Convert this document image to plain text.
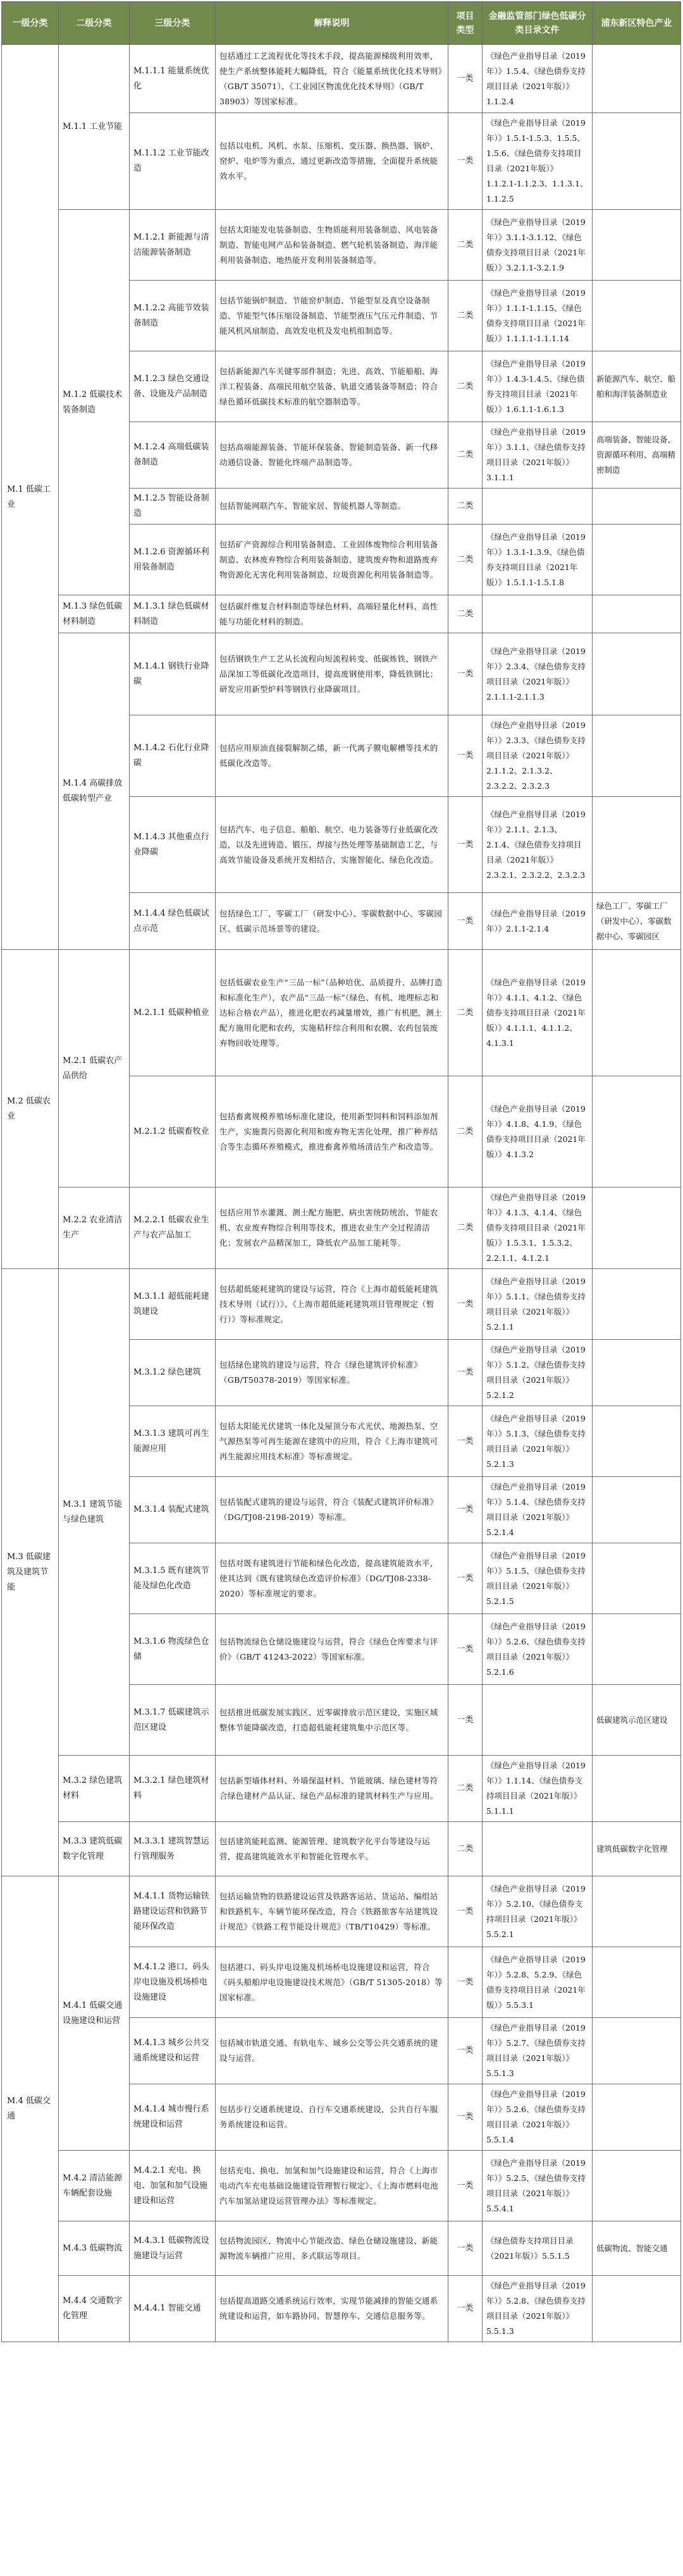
一级分类	二级分类	三级分类	解释说明	项目类型	金融监管部门绿色低碳分类目录文件	浦东新区特色产业
M.1 低碳工业	M.1.1 工业节能	M.1.1.1 能量系统优化	包括通过工艺流程优化等技术手段，提高能源梯级利用效率，使生产系统整体能耗大幅降低，符合《能量系统优化技术导则》（GB/T 35071）、《工业园区物流优化技术导则》（GB/T 38903）等国家标准。	一类	《绿色产业指导目录（2019年）》1.5.4、《绿色债券支持项目目录（2021年版）》1.1.2.4	
		M.1.1.2 工业节能改造	包括以电机、风机、水泵、压缩机、变压器、换热器、锅炉、窑炉、电炉等为重点，通过更新改造等措施，全面提升系统能效水平。	一类	《绿色产业指导目录（2019年）》1.5.1-1.5.3、1.5.5、1.5.6、《绿色债券支持项目目录（2021年版）》1.1.2.1-1.1.2.3、1.1.3.1、1.1.2.5	
	M.1.2 低碳技术装备制造	M.1.2.1 新能源与清洁能源装备制造	包括太阳能发电装备制造、生物质能利用装备制造、风电装备制造、智能电网产品和装备制造、燃气轮机装备制造、海洋能利用装备制造、地热能开发利用装备制造等。	二类	《绿色产业指导目录（2019年）》3.1.1-3.1.12、《绿色债券支持项目目录（2021年版）》3.2.1.1-3.2.1.9	
		M.1.2.2 高能节效装备制造	包括节能锅炉制造、节能窑炉制造、节能型泵及真空设备制造、节能型气体压缩设备制造、节能型液压气压元件制造、节能风机风扇制造、高效发电机及发电机组制造等。	二类	《绿色产业指导目录（2019年）》1.1.1-1.1.15、《绿色债券支持项目目录（2021年版）》1.1.1.1-1.1.1.14	
		M.1.2.3 绿色交通设备、设施及产品制造	包括新能源汽车关键零部件制造；先进、高效、节能船舶、海洋工程装备、高端民用航空装备、轨道交通装备等制造；符合绿色循环低碳技术标准的航空器制造等。	二类	《绿色产业指导目录（2019年）》1.4.3-1.4.5、《绿色债券支持项目目录（2021年版）》1.6.1.1-1.6.1.3	新能源汽车、航空、船舶和海洋装备制造业
		M.1.2.4 高端低碳装备制造	包括高端能源装备、节能环保装备、智能制造装备、新一代移动通信设备、智能化终端产品制造等。	二类	《绿色产业指导目录（2019年）》3.1.1、《绿色债券支持项目目录（2021年版）》3.1.1.1	高端装备、智能设备、资源循环利用、高端精密制造
		M.1.2.5 智能设备制造	包括智能网联汽车、智能家居、智能机器人等制造。	二类		
		M.1.2.6 资源循环利用装备制造	包括矿产资源综合利用装备制造、工业固体废物综合利用装备制造、农林废弃物综合利用装备制造、建筑废弃物和道路废弃物资源化无害化利用装备制造、垃圾资源化利用装备制造等。	二类	《绿色产业指导目录（2019年）》1.3.1-1.3.9、《绿色债券支持项目目录（2021年版）》1.5.1.1-1.5.1.8	
	M.1.3 绿色低碳材料制造	M.1.3.1 绿色低碳材料制造	包括碳纤维复合材料制造等绿色材料、高端轻量化材料、高性能与功能化材料的制造。	二类		
	M.1.4 高碳排放低碳转型产业	M.1.4.1 钢铁行业降碳	包括钢铁生产工艺从长流程向短流程转变、低碳炼铁、钢铁产品深加工等低碳化改造项目，提高废钢使用率，降低铁钢比；研发应用新型炉料等钢铁行业降碳项目。	一类	《绿色产业指导目录（2019年）》2.3.4、《绿色债券支持项目目录（2021年版）》2.1.1.1-2.1.1.3	
		M.1.4.2 石化行业降碳	包括应用原油直接裂解制乙烯，新一代离子膜电解槽等技术的低碳化改造等。	一类	《绿色产业指导目录（2019年）》2.3.3、《绿色债券支持项目目录（2021年版）》2.1.1.2、2.1.3.2、2.3.2.2、2.3.2.3	
		M.1.4.3 其他重点行业降碳	包括汽车、电子信息、船舶、航空、电力装备等行业低碳化改造，以及先进铸造、锻压、焊接与热处理等基础制造工艺，与高效节能设备及系统开发相结合，实施智能化、绿色化改造。	一类	《绿色产业指导目录（2019年）》2.1.1、2.1.3、2.1.4、《绿色债券支持项目目录（2021年版）》2.3.2.1、2.3.2.2、2.3.2.3	
		M.1.4.4 绿色低碳试点示范	包括绿色工厂、零碳工厂（研发中心）、零碳数据中心、零碳园区、低碳示范场景等的建设。	一类	《绿色产业指导目录（2019年）》2.1.1-2.1.4	绿色工厂、零碳工厂（研发中心）、零碳数据中心、零碳园区
M.2 低碳农业	M.2.1 低碳农产品供给	M.2.1.1 低碳种植业	包括低碳农业生产“三品一标”（品种培优、品质提升、品牌打造和标准化生产），农产品“三品一标”（绿色、有机、地理标志和达标合格农产品），推进化肥农药减量增效，推广有机肥，测土配方施用化肥和农药，实施秸秆综合利用和农膜、农药包装废弃物回收处理等。	二类	《绿色产业指导目录（2019年）》4.1.1、4.1.2、《绿色债券支持项目目录（2021年版）》4.1.1.1、4.1.1.2、4.1.3.1	
		M.2.1.2 低碳畜牧业	包括畜禽规模养殖场标准化建设，使用新型饲料和饲料添加剂生产，实施粪污资源化利用和废弃物无害化处理，推广种养结合等生态循环养殖模式，推进畜禽养殖场清洁生产和改造等。	二类	《绿色产业指导目录（2019年）》4.1.8、4.1.9、《绿色债券支持项目目录（2021年版）》4.1.3.2	
	M.2.2 农业清洁生产	M.2.2.1 低碳农业生产与农产品加工	包括应用节水灌溉、测土配方施肥、病虫害统防统治、节能农机、农业废弃物综合利用等技术，推进农业生产全过程清洁化；发展农产品精深加工，降低农产品加工能耗等。	二类	《绿色产业指导目录（2019年）》4.1.3、4.1.4、《绿色债券支持项目目录（2021年版）》1.5.3.1、1.5.3.2、2.2.1.1、4.1.2.1	
M.3 低碳建筑及建筑节能	M.3.1 建筑节能与绿色建筑	M.3.1.1 超低能耗建筑建设	包括超低能耗建筑的建设与运营，符合《上海市超低能耗建筑技术导则（试行）》、《上海市超低能耗建筑项目管理规定（暂行）》等标准规定。	一类	《绿色产业指导目录（2019年）》5.1.1、《绿色债券支持项目目录（2021年版）》5.2.1.1	
		M.3.1.2 绿色建筑	包括绿色建筑的建设与运营，符合《绿色建筑评价标准》（GB/T50378-2019）等国家标准。	一类	《绿色产业指导目录（2019年）》5.1.2、《绿色债券支持项目目录（2021年版）》5.2.1.2	
		M.3.1.3 建筑可再生能源应用	包括太阳能光伏建筑一体化及屋顶分布式光伏、地源热泵、空气源热泵等可再生能源在建筑中的应用，符合《上海市建筑可再生能源应用技术标准》等标准规定。	一类	《绿色产业指导目录（2019年）》5.1.3、《绿色债券支持项目目录（2021年版）》5.2.1.3	
		M.3.1.4 装配式建筑	包括装配式建筑的建设与运营，符合《装配式建筑评价标准》（DG/TJ08-2198-2019）等标准。	一类	《绿色产业指导目录（2019年）》5.1.4、《绿色债券支持项目目录（2021年版）》5.2.1.4	
		M.3.1.5 既有建筑节能及绿色化改造	包括对既有建筑进行节能和绿色化改造，提高建筑能效水平，使其达到《既有建筑绿色改造评价标准》（DG/TJ08-2338-2020）等标准规定的要求。	一类	《绿色产业指导目录（2019年）》5.1.5、《绿色债券支持项目目录（2021年版）》5.2.1.5	
		M.3.1.6 物流绿色仓储	包括物流绿色仓储设施建设与运营，符合《绿色仓库要求与评价》（GB/T 41243-2022）等国家标准。	一类	《绿色产业指导目录（2019年）》5.2.6、《绿色债券支持项目目录（2021年版）》5.2.1.6	
		M.3.1.7 低碳建筑示范区建设	包括推进低碳发展实践区、近零碳排放示范区建设，实施区域整体节能降碳改造，打造超低能耗建筑集中示范区等。	一类		低碳建筑示范区建设
	M.3.2 绿色建筑材料	M.3.2.1 绿色建筑材料	包括新型墙体材料、外墙保温材料、节能玻璃、绿色建材等符合绿色建材产品认证、绿色产品标准的建筑材料生产与应用。	二类	《绿色产业指导目录（2019年）》1.1.14、《绿色债券支持项目目录（2021年版）》5.1.1.1	
	M.3.3 建筑低碳数字化管理	M.3.3.1 建筑智慧运行管理服务	包括建筑能耗监测、能源管理、建筑数字化平台等建设与运营，提高建筑能效水平和智能化管理水平。	二类		建筑低碳数字化管理
M.4 低碳交通	M.4.1 低碳交通设施建设和运营	M.4.1.1 货物运输铁路建设运营和铁路节能环保改造	包括运输货物的铁路建设运营及铁路客运站、货运站、编组站和铁路机车、车辆节能环保改造，符合《铁路旅客车站建筑设计规范》《铁路工程节能设计规范》（TB/T10429）等标准。	一类	《绿色产业指导目录（2019年）》5.2.10、《绿色债券支持项目目录（2021年版）》5.5.2.1	
		M.4.1.2 港口、码头岸电设施及机场桥电设施建设	包括港口、码头岸电设施及机场桥电设施建设和运营，符合《码头船舶岸电设施建设技术规范》（GB/T 51305-2018）等国家标准。	一类	《绿色产业指导目录（2019年）》5.2.8、5.2.9、《绿色债券支持项目目录（2021年版）》5.5.3.1	
		M.4.1.3 城乡公共交通系统建设和运营	包括城市轨道交通、有轨电车、城乡公交等公共交通系统的建设与运营。	一类	《绿色产业指导目录（2019年）》5.2.7、《绿色债券支持项目目录（2021年版）》5.5.1.3	
		M.4.1.4 城市慢行系统建设和运营	包括步行交通系统建设、自行车交通系统建设，公共自行车服务系统建设和运营。	一类	《绿色产业指导目录（2019年）》5.2.6、《绿色债券支持项目目录（2021年版）》5.5.1.4	
	M.4.2 清洁能源车辆配套设施	M.4.2.1 充电、换电、加氢和加气设施建设和运营	包括充电、换电、加氢和加气设施建设和运营，符合《上海市电动汽车充电基础设施建设管理暂行规定》、《上海市燃料电池汽车加氢站建设运营管理办法》等标准规定。	一类	《绿色产业指导目录（2019年）》5.2.5、《绿色债券支持项目目录（2021年版）》5.5.4.1	
	M.4.3 低碳物流	M.4.3.1 低碳物流设施建设与运营	包括物流园区、物流中心节能改造、绿色仓储设施建设、新能源物流车辆推广应用、多式联运等项目。	一类	《绿色债券支持项目目录（2021年版）》5.5.1.5	低碳物流、智能交通
	M.4.4 交通数字化管理	M.4.4.1 智能交通	包括提高道路交通系统运行效率，实现节能减排的智能交通系统建设和运营，如车路协同、智慧停车、交通信息服务等。	一类	《绿色产业指导目录（2019年）》5.2.8、《绿色债券支持项目目录（2021年版）》5.5.1.3	
